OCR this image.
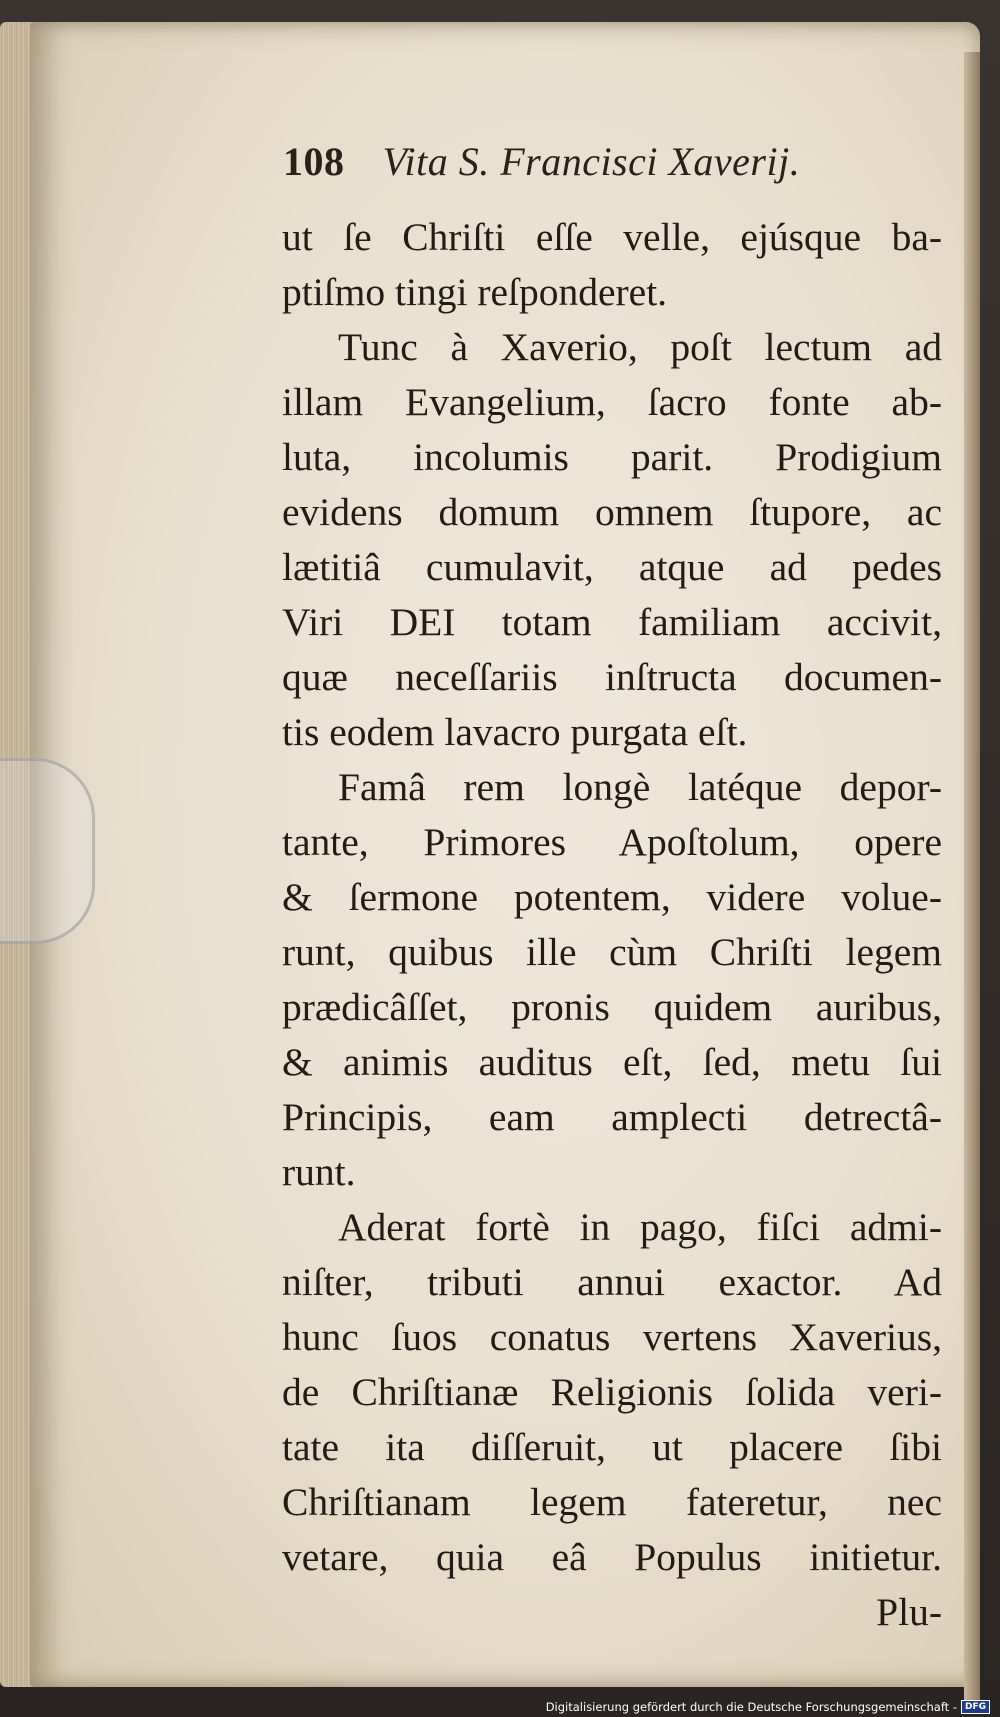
108 Vita S. Francisci Xaverij.
ut ſe Chriſti eſſe velle, ejúsque ba-
ptiſmo tingi reſponderet.
Tunc à Xaverio, poſt lectum ad
illam Evangelium, ſacro fonte ab-
luta, incolumis parit. Prodigium
evidens domum omnem ſtupore, ac
lætitiâ cumulavit, atque ad pedes
Viri DEI totam familiam accivit,
quæ neceſſariis inſtructa documen-
tis eodem lavacro purgata eſt.
Famâ rem longè latéque depor-
tante, Primores Apoſtolum, opere
& ſermone potentem, videre volue-
runt, quibus ille cùm Chriſti legem
prædicâſſet, pronis quidem auribus,
& animis auditus eſt, ſed, metu ſui
Principis, eam amplecti detrectâ-
runt.
Aderat fortè in pago, fiſci admi-
niſter, tributi annui exactor. Ad
hunc ſuos conatus vertens Xaverius,
de Chriſtianæ Religionis ſolida veri-
tate ita diſſeruit, ut placere ſibi
Chriſtianam legem fateretur, nec
vetare, quia eâ Populus initietur.
Plu-
Digitalisierung gefördert durch die Deutsche Forschungsgemeinschaft - DFG
